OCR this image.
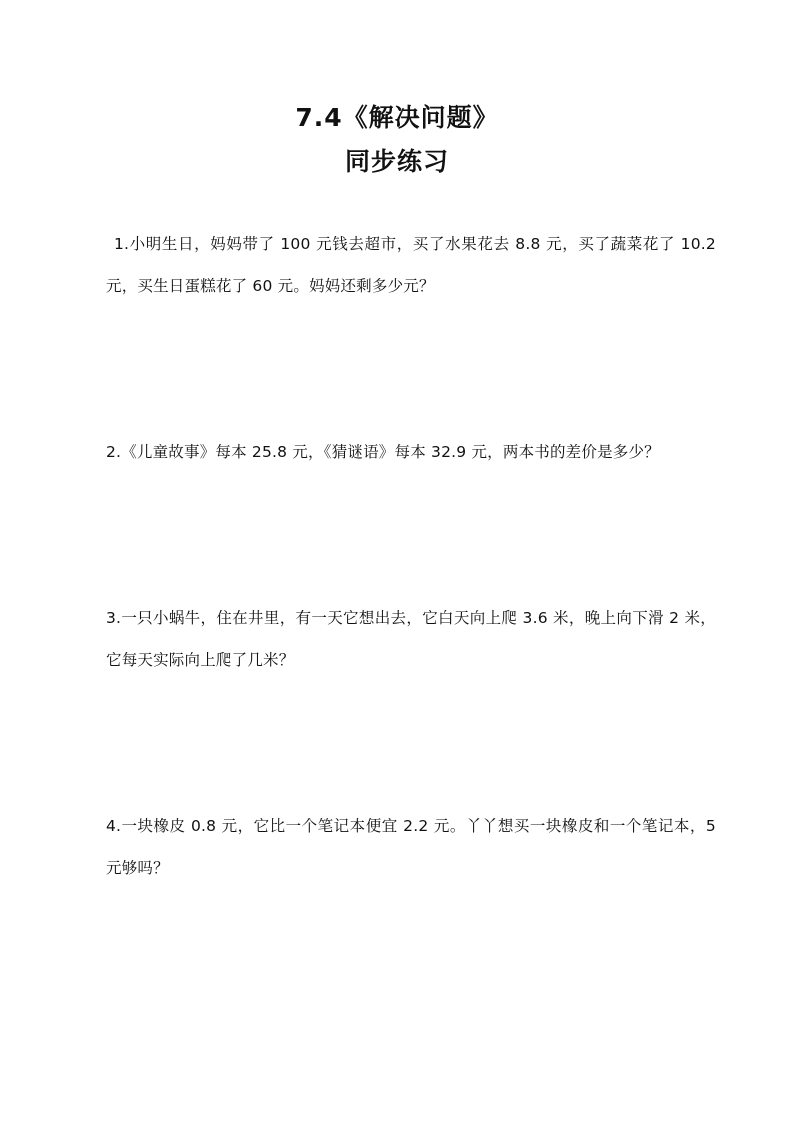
7.4《解决问题》
同步练习
1.小明生日，妈妈带了 100 元钱去超市，买了水果花去 8.8 元，买了蔬菜花了 10.2 元，买生日蛋糕花了 60 元。妈妈还剩多少元？
2.《儿童故事》每本 25.8 元，《猜谜语》每本 32.9 元，两本书的差价是多少？
3.一只小蜗牛，住在井里，有一天它想出去，它白天向上爬 3.6 米，晚上向下滑 2 米，它每天实际向上爬了几米？
4.一块橡皮 0.8 元，它比一个笔记本便宜 2.2 元。丫丫想买一块橡皮和一个笔记本，5 元够吗？
